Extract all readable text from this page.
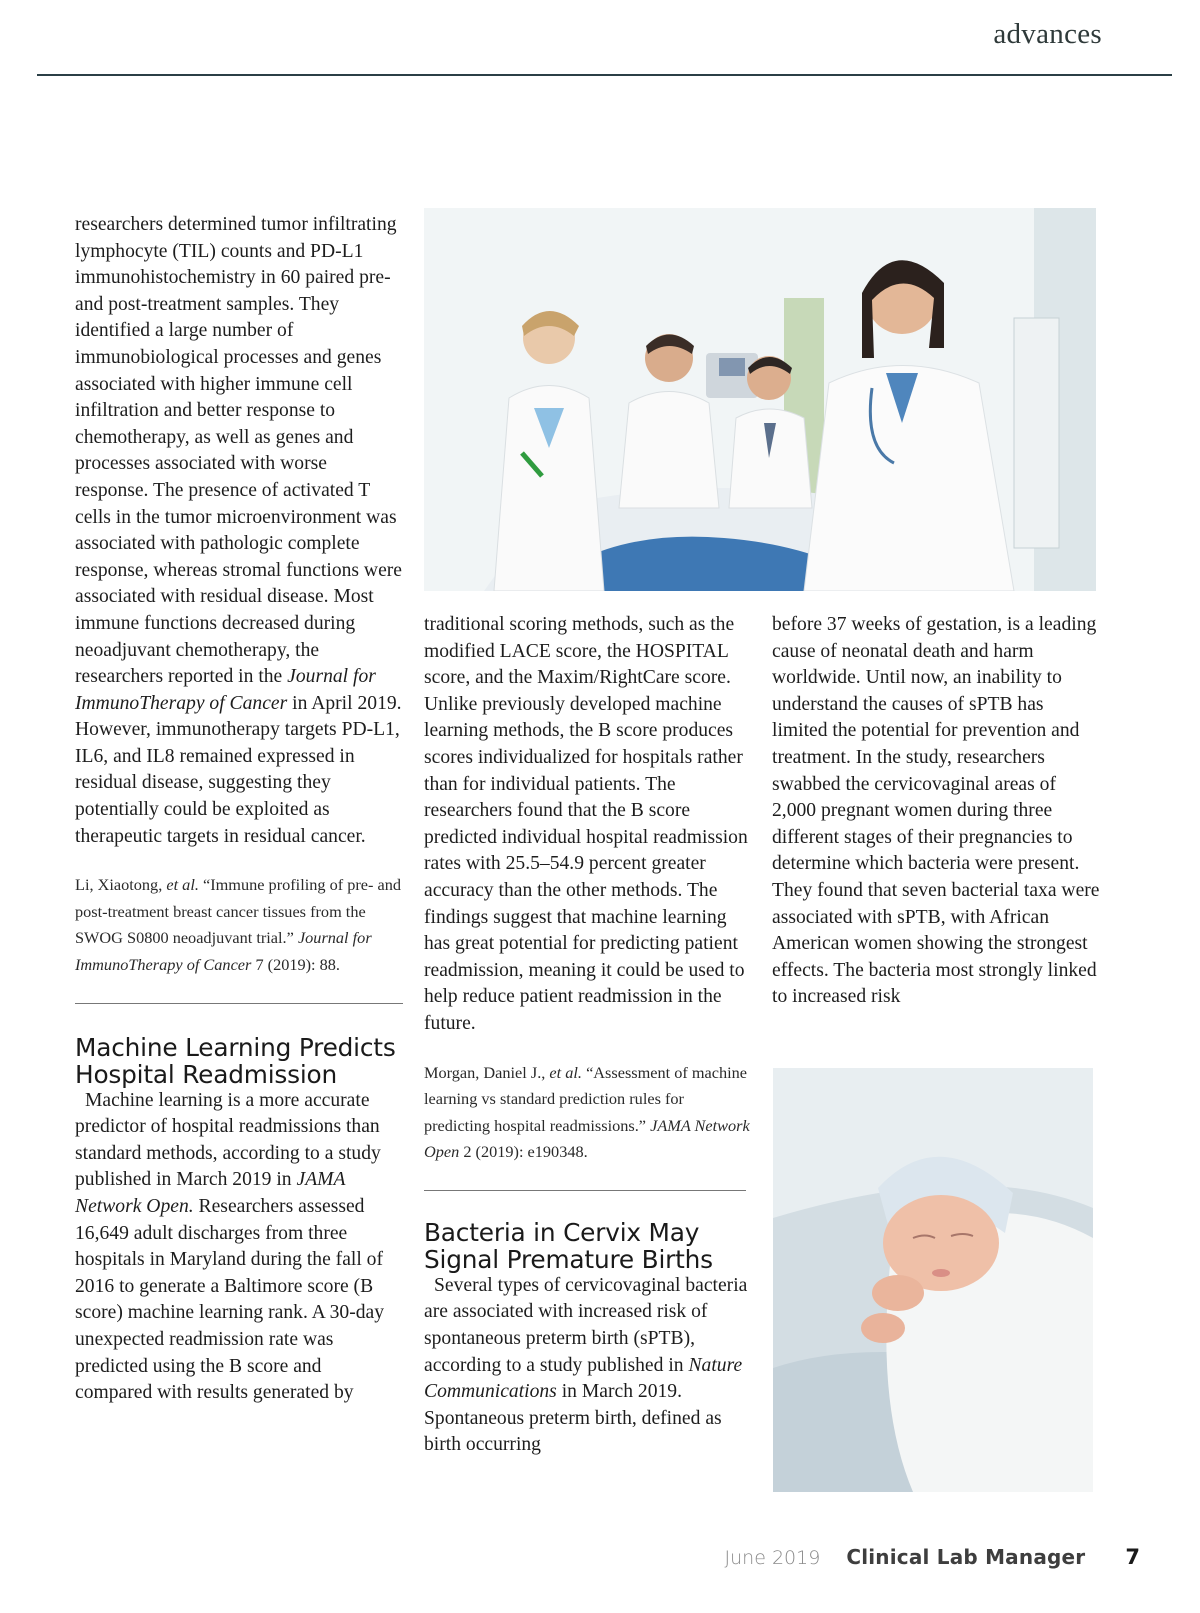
advances

researchers determined tumor infiltrating lymphocyte (TIL) counts and PD-L1 immunohistochemistry in 60 paired pre- and post-treatment samples. They identified a large number of immunobiological processes and genes associated with higher immune cell infiltration and better response to chemotherapy, as well as genes and processes associated with worse response. The presence of activated T cells in the tumor microenvironment was associated with pathologic complete response, whereas stromal functions were associated with residual disease. Most immune functions decreased during neoadjuvant chemotherapy, the researchers reported in the Journal for ImmunoTherapy of Cancer in April 2019. However, immunotherapy targets PD-L1, IL6, and IL8 remained expressed in residual disease, suggesting they potentially could be exploited as therapeutic targets in residual cancer.

Li, Xiaotong, et al. “Immune profiling of pre- and post-treatment breast cancer tissues from the SWOG S0800 neoadjuvant trial.” Journal for ImmunoTherapy of Cancer 7 (2019): 88.
Machine Learning Predicts Hospital Readmission

Machine learning is a more accurate predictor of hospital readmissions than standard methods, according to a study published in March 2019 in JAMA Network Open. Researchers assessed 16,649 adult discharges from three hospitals in Maryland during the fall of 2016 to generate a Baltimore score (B score) machine learning rank. A 30-day unexpected readmission rate was predicted using the B score and compared with results generated by

traditional scoring methods, such as the modified LACE score, the HOSPITAL score, and the Maxim/RightCare score. Unlike previously developed machine learning methods, the B score produces scores individualized for hospitals rather than for individual patients. The researchers found that the B score predicted individual hospital readmission rates with 25.5–54.9 percent greater accuracy than the other methods. The findings suggest that machine learning has great potential for predicting patient readmission, meaning it could be used to help reduce patient readmission in the future.

Morgan, Daniel J., et al. “Assessment of machine learning vs standard prediction rules for predicting hospital readmissions.” JAMA Network Open 2 (2019): e190348.
Bacteria in Cervix May Signal Premature Births

Several types of cervicovaginal bacteria are associated with increased risk of spontaneous preterm birth (sPTB), according to a study published in Nature Communications in March 2019. Spontaneous preterm birth, defined as birth occurring

before 37 weeks of gestation, is a leading cause of neonatal death and harm worldwide. Until now, an inability to understand the causes of sPTB has limited the potential for prevention and treatment. In the study, researchers swabbed the cervicovaginal areas of 2,000 pregnant women during three different stages of their pregnancies to determine which bacteria were present. They found that seven bacterial taxa were associated with sPTB, with African American women showing the strongest effects. The bacteria most strongly linked to increased risk

June 2019 Clinical Lab Manager 7
